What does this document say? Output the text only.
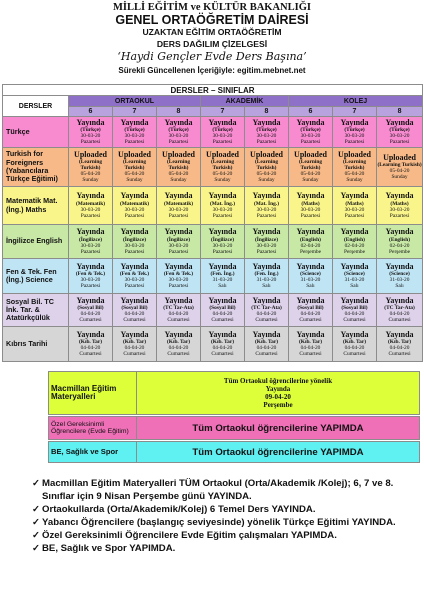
MİLLİ EĞİTİM ve KÜLTÜR BAKANLIĞI
GENEL ORTAÖĞRETİM DAİRESİ
UZAKTAN EĞİTİM ORTAÖĞRETİM
DERS DAĞILIM ÇİZELGESİ
‘Haydi Gençler Evde Ders Başına’
Sürekli Güncellenen İçeriğiyle: egitim.mebnet.net
DERSLER – SINIFLAR								
DERSLER	ORTAOKUL			AKADEMİK		KOLEJ		
	6	7	8	7	8	6	7	8
Türkçe	Yayında
(Türkçe)
30-03-20
Pazartesi	Yayında
(Türkçe)
30-03-20
Pazartesi	Yayında
(Türkçe)
30-03-20
Pazartesi	Yayında
(Türkçe)
30-03-20
Pazartesi	Yayında
(Türkçe)
30-03-20
Pazartesi	Yayında
(Türkçe)
30-03-20
Pazartesi	Yayında
(Türkçe)
30-03-20
Pazartesi	Yayında
(Türkçe)
30-03-20
Pazartesi

Turkish for Foreigners (Yabancılara Türkçe Eğitimi)	Uploaded
(Learning Turkish)
05-04-20
Sunday	Uploaded
(Learning Turkish)
05-04-20
Sunday	Uploaded
(Learning Turkish)
05-04-20
Sunday	Uploaded
(Learning Turkish)
05-04-20
Sunday	Uploaded
(Learning Turkish)
05-04-20
Sunday	Uploaded
(Learning Turkish)
05-04-20
Sunday	Uploaded
(Learning Turkish)
05-04-20
Sunday	Uploaded
(Learning Turkish)
05-04-20
Sunday

Matematik Mat. (İng.) Maths	Yayında
(Matematik)
30-03-20
Pazartesi	Yayında
(Matematik)
30-03-20
Pazartesi	Yayında
(Matematik)
30-03-20
Pazartesi	Yayında
(Mat. İng.)
30-03-20
Pazartesi	Yayında
(Mat. İng.)
30-03-20
Pazartesi	Yayında
(Maths)
30-03-20
Pazartesi	Yayında
(Maths)
30-03-20
Pazartesi	Yayında
(Maths)
30-03-20
Pazartesi

İngilizce English	Yayında
(İngilizce)
30-03-20
Pazartesi	Yayında
(İngilizce)
30-03-20
Pazartesi	Yayında
(İngilizce)
30-03-20
Pazartesi	Yayında
(İngilizce)
30-03-20
Pazartesi	Yayında
(İngilizce)
30-03-20
Pazartesi	Yayında
(English)
02-04-20
Perşembe	Yayında
(English)
02-04-20
Perşembe	Yayında
(English)
02-04-20
Perşembe

Fen & Tek. Fen (İng.) Science	Yayında
(Fen & Tek.)
30-03-20
Pazartesi	Yayında
(Fen & Tek.)
30-03-20
Pazartesi	Yayında
(Fen & Tek.)
30-03-20
Pazartesi	Yayında
(Fen. İng.)
31-03-20
Salı	Yayında
(Fen. İng.)
31-03-20
Salı	Yayında
(Science)
31-03-20
Salı	Yayında
(Science)
31-03-20
Salı	Yayında
(Science)
31-03-20
Salı

Sosyal Bil. TC İnk. Tar. & Atatürkçülük	Yayında
(Sosyal Bil)
04-04-20
Cumartesi	Yayında
(Sosyal Bil)
04-04-20
Cumartesi	Yayında
(TC Tar-Ata)
04-04-20
Cumartesi	Yayında
(Sosyal Bil)
04-04-20
Cumartesi	Yayında
(TC Tar-Ata)
04-04-20
Cumartesi	Yayında
(Sosyal Bil)
04-04-20
Cumartesi	Yayında
(Sosyal Bil)
04-04-20
Cumartesi	Yayında
(TC Tar-Ata)
04-04-20
Cumartesi

Kıbrıs Tarihi	Yayında
(Kıb. Tar)
04-04-20
Cumartesi	Yayında
(Kıb. Tar)
04-04-20
Cumartesi	Yayında
(Kıb. Tar)
04-04-20
Cumartesi	Yayında
(Kıb. Tar)
04-04-20
Cumartesi	Yayında
(Kıb. Tar)
04-04-20
Cumartesi	Yayında
(Kıb. Tar)
04-04-20
Cumartesi	Yayında
(Kıb. Tar)
04-04-20
Cumartesi	Yayında
(Kıb. Tar)
04-04-20
Cumartesi
Macmillan Eğitim Materyalleri	
Tüm Ortaokul öğrencilerine yönelik
Yayında
09-04-20
Perşembe
Özel Gereksinimli Öğrencilere (Evde Eğitim)	Tüm Ortaokul öğrencilerine YAPIMDA
BE, Sağlık ve Spor	Tüm Ortaokul öğrencilerine YAPIMDA
✓ Macmillan Eğitim Materyalleri TÜM Ortaokul (Orta/Akademik /Kolej); 6, 7 ve 8. Sınıflar için 9 Nisan Perşembe günü YAYINDA.
✓ Ortaokullarda (Orta/Akademik/Kolej) 6 Temel Ders YAYINDA.
✓ Yabancı Öğrencilere (başlangıç seviyesinde) yönelik Türkçe Eğitimi YAYINDA.
✓ Özel Gereksinimli Öğrencilere Evde Eğitim çalışmaları YAPIMDA.
✓ BE, Sağlık ve Spor YAPIMDA.
